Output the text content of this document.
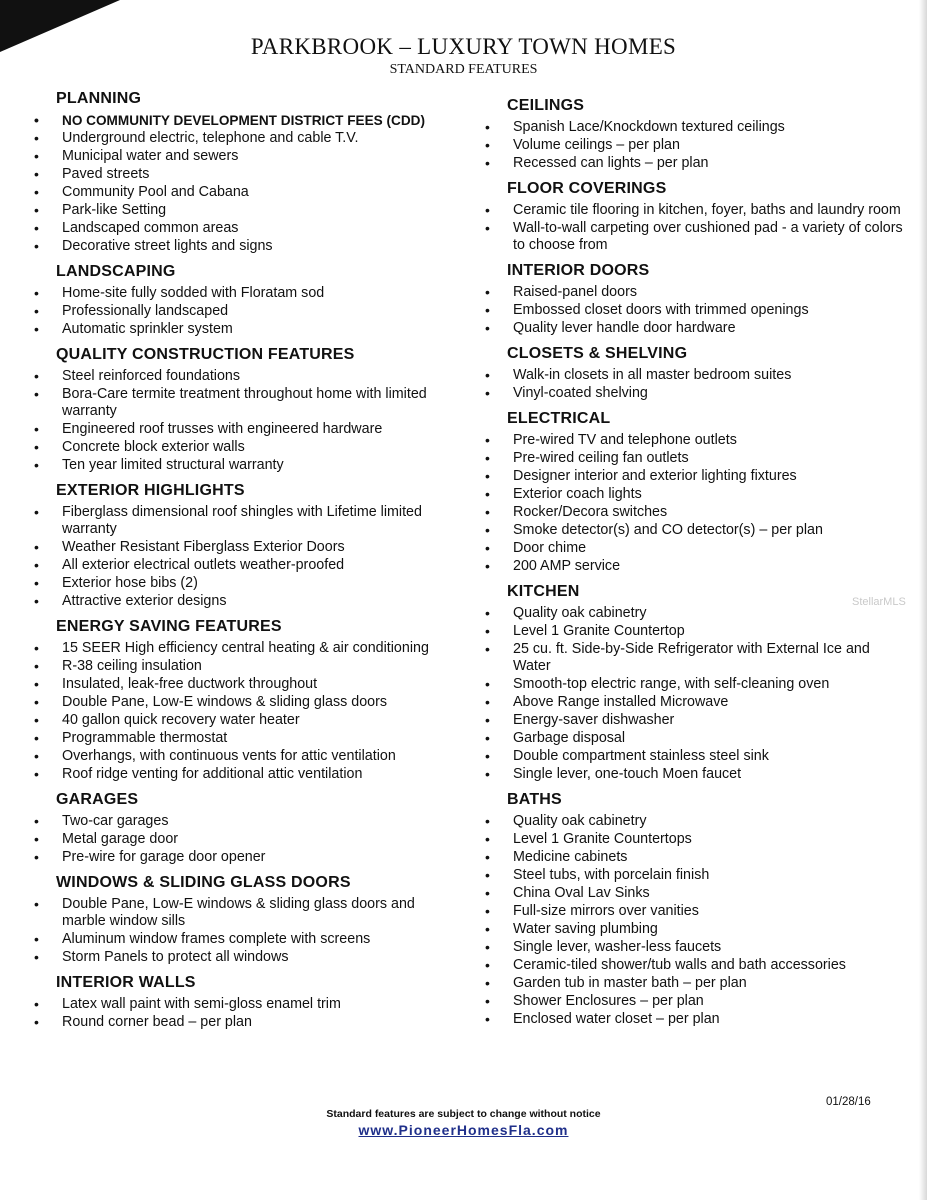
PARKBROOK – LUXURY TOWN HOMES
STANDARD FEATURES
PLANNING
• NO COMMUNITY DEVELOPMENT DISTRICT FEES (CDD)
• Underground electric, telephone and cable T.V.
• Municipal water and sewers
• Paved streets
• Community Pool and Cabana
• Park-like Setting
• Landscaped common areas
• Decorative street lights and signs
LANDSCAPING
• Home-site fully sodded with Floratam sod
• Professionally landscaped
• Automatic sprinkler system
QUALITY CONSTRUCTION FEATURES
• Steel reinforced foundations
• Bora-Care termite treatment throughout home with limited warranty
• Engineered roof trusses with engineered hardware
• Concrete block exterior walls
• Ten year limited structural warranty
EXTERIOR HIGHLIGHTS
• Fiberglass dimensional roof shingles with Lifetime limited warranty
• Weather Resistant Fiberglass Exterior Doors
• All exterior electrical outlets weather-proofed
• Exterior hose bibs (2)
• Attractive exterior designs
ENERGY SAVING FEATURES
• 15 SEER High efficiency central heating & air conditioning
• R-38 ceiling insulation
• Insulated, leak-free ductwork throughout
• Double Pane, Low-E windows & sliding glass doors
• 40 gallon quick recovery water heater
• Programmable thermostat
• Overhangs, with continuous vents for attic ventilation
• Roof ridge venting for additional attic ventilation
GARAGES
• Two-car garages
• Metal garage door
• Pre-wire for garage door opener
WINDOWS & SLIDING GLASS DOORS
• Double Pane, Low-E windows & sliding glass doors and marble window sills
• Aluminum window frames complete with screens
• Storm Panels to protect all windows
INTERIOR WALLS
• Latex wall paint with semi-gloss enamel trim
• Round corner bead – per plan
CEILINGS
• Spanish Lace/Knockdown textured ceilings
• Volume ceilings – per plan
• Recessed can lights – per plan
FLOOR COVERINGS
• Ceramic tile flooring in kitchen, foyer, baths and laundry room
• Wall-to-wall carpeting over cushioned pad - a variety of colors to choose from
INTERIOR DOORS
• Raised-panel doors
• Embossed closet doors with trimmed openings
• Quality lever handle door hardware
CLOSETS & SHELVING
• Walk-in closets in all master bedroom suites
• Vinyl-coated shelving
ELECTRICAL
• Pre-wired TV and telephone outlets
• Pre-wired ceiling fan outlets
• Designer interior and exterior lighting fixtures
• Exterior coach lights
• Rocker/Decora switches
• Smoke detector(s) and CO detector(s) – per plan
• Door chime
• 200 AMP service
KITCHEN
• Quality oak cabinetry
• Level 1 Granite Countertop
• 25 cu. ft. Side-by-Side Refrigerator with External Ice and Water
• Smooth-top electric range, with self-cleaning oven
• Above Range installed Microwave
• Energy-saver dishwasher
• Garbage disposal
• Double compartment stainless steel sink
• Single lever, one-touch Moen faucet
BATHS
• Quality oak cabinetry
• Level 1 Granite Countertops
• Medicine cabinets
• Steel tubs, with porcelain finish
• China Oval Lav Sinks
• Full-size mirrors over vanities
• Water saving plumbing
• Single lever, washer-less faucets
• Ceramic-tiled shower/tub walls and bath accessories
• Garden tub in master bath – per plan
• Shower Enclosures – per plan
• Enclosed water closet – per plan
StellarMLS
01/28/16
Standard features are subject to change without notice
www.PioneerHomesFla.com
